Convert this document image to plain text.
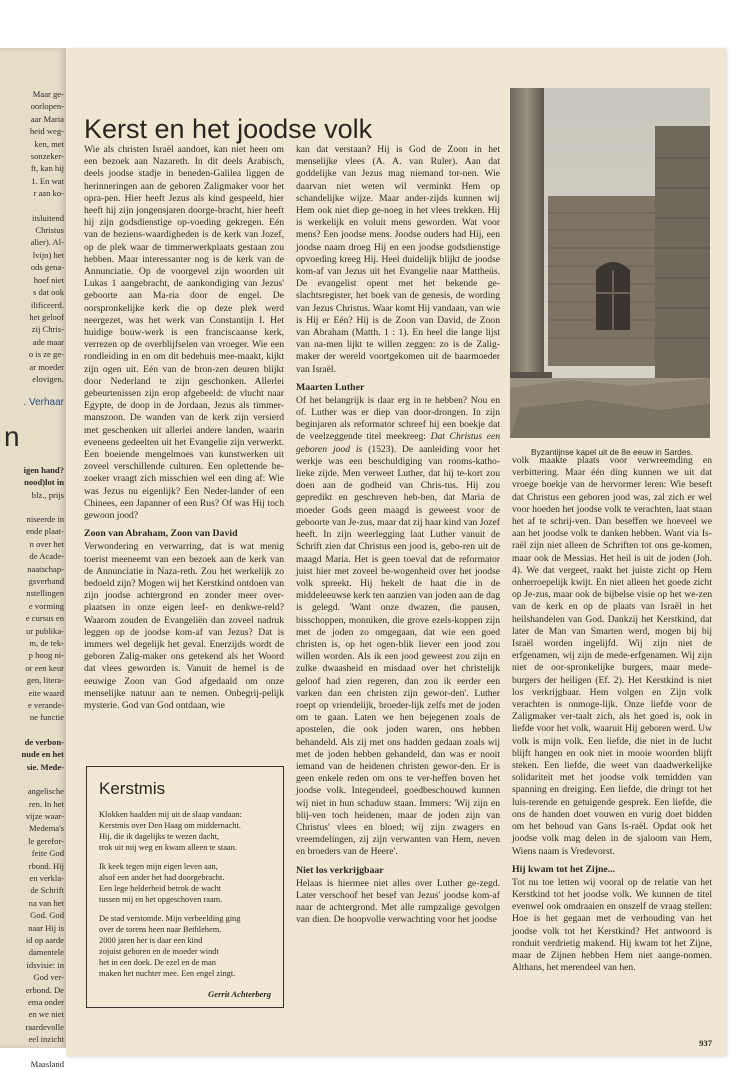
Maar ge-
oorlopen-
aar Maria
heid weg-
ken, met
sonzeker-
ft, kan hij
1. En wat
r aan ko-
itsluitend
Christus
alier). Al-
lvijn) het
ods gena-
hoef niet
s dat ook
ilificeerd.
het geloof
zij Chris-
ade maar
o is ze ge-
ar moeder
elovigen.
. Verhaar
n
igen hand?
nood)lot in
blz., prijs
niseerde in
ende plaat-
n over het
de Acade-
naatschap-
gsverband
nstellingen
e vorming
e cursus en
ur publika-
m, de tek-
p hoog ni-
or een keur
gen, litera-
eite waard
e verande-
ne functie
de verbon-
nude en het
sie. Mede-
angelische
ren. In het
vijze waar-
Medema's
le gerefor-
feite God
rbond. Hij
en verkla-
de Schrift
na van het
God. God
naar Hij is
id op aarde
damentele
idsvisie: in
God ver-
erbond. De
ema onder
en we niet
raardevolle
eel inzicht
Maasland
Byzantijnse kapel uit de 8e eeuw in Sardes.
Kerst en het joodse volk

Wie als christen Israël aandoet, kan niet heen om een bezoek aan Nazareth. In dit deels Arabisch, deels joodse stadje in beneden-Galilea liggen de herinneringen aan de geboren Zaligmaker voor het opra-pen. Hier heeft Jezus als kind gespeeld, hier heeft hij zijn jongensjaren doorge-bracht, hier heeft hij zijn godsdienstige op-voeding gekregen. Eén van de beziens-waardigheden is de kerk van Jozef, op de plek waar de timmerwerkplaats gestaan zou hebben. Maar interessanter nog is de kerk van de Annunciatie. Op de voorgevel zijn woorden uit Lukas 1 aangebracht, de aankondiging van Jezus' geboorte aan Ma-ria door de engel. De oorspronkelijke kerk die op deze plek werd neergezet, was het werk van Constantijn I. Het huidige bouw-werk is een franciscaanse kerk, verrezen op de overblijfselen van vroeger. Wie een rondleiding in en om dit bedehuis mee-maakt, kijkt zijn ogen uit. Eén van de bron-zen deuren blijkt door Nederland te zijn geschonken. Allerlei gebeurtenissen zijn erop afgebeeld: de vlucht naar Egypte, de doop in de Jordaan, Jezus als timmer-manszoon. De wanden van de kerk zijn versierd met geschenken uit allerlei andere landen, waarin eveneens gedeelten uit het Evangelie zijn verwerkt. Een boeiende mengelmoes van kunstwerken uit zoveel verschillende culturen. Een oplettende be-zoeker vraagt zich misschien wel een ding af: Wie was Jezus nu eigenlijk? Een Neder-lander of een Chinees, een Japanner of een Rus? Of was Hij toch gewoon jood?

Zoon van Abraham, Zoon van David

Verwondering en verwarring, dat is wat menig toerist meeneemt van een bezoek aan de kerk van de Annunciatie in Naza-reth. Zou het werkelijk zo bedoeld zijn? Mogen wij het Kerstkind ontdoen van zijn joodse achtergrond en zonder meer over-plaatsen in onze eigen leef- en denkwe-reld? Waarom zouden de Evangeliën dan zoveel nadruk leggen op de joodse kom-af van Jezus? Dat is immers wel degelijk het geval. Enerzijds wordt de geboren Zalig-maker ons getekend als het Woord dat vlees geworden is. Vanuit de hemel is de eeuwige Zoon van God afgedaald om onze menselijke natuur aan te nemen. Onbegrij-pelijk mysterie. God van God ontdaan, wie

kan dat verstaan? Hij is God de Zoon in het menselijke vlees (A. A. van Ruler). Aan dat goddelijke van Jezus mag niemand tor-nen. Wie daarvan niet weten wil verminkt Hem op schandelijke wijze. Maar ander-zijds kunnen wij Hem ook niet diep ge-noeg in het vlees trekken. Hij is werkelijk en voluit mens geworden. Wat voor mens? Een joodse mens. Joodse ouders had Hij, een joodse naam droeg Hij en een joodse godsdienstige opvoeding kreeg Hij. Heel duidelijk blijkt de joodse kom-af van Jezus uit het Evangelie naar Mattheüs. De evangelist opent met het bekende ge-slachtsregister, het boek van de genesis, de wording van Jezus Christus. Waar komt Hij vandaan, van wie is Hij er Eén? Hij is de Zoon van David, de Zoon van Abraham (Matth. 1 : 1). En heel die lange lijst van na-men lijkt te willen zeggen: zo is de Zalig-maker der wereld voortgekomen uit de baarmoeder van Israël.

Maarten Luther

Of het belangrijk is daar erg in te hebben? Nou en of. Luther was er diep van door-drongen. In zijn beginjaren als reformator schreef hij een boekje dat de veelzeggende titel meekreeg: Dat Christus een geboren jood is (1523). De aanleiding voor het werkje was een beschuldiging van rooms-katho-lieke zijde. Men verweet Luther, dat hij te-kort zou doen aan de godheid van Chris-tus. Hij zou gepredikt en geschreven heb-ben, dat Maria de moeder Gods geen maagd is geweest voor de geboorte van Je-zus, maar dat zij haar kind van Jozef heeft. In zijn weerlegging laat Luther vanuit de Schrift zien dat Christus een jood is, gebo-ren uit de maagd Maria. Het is geen toeval dat de reformator juist hier met zoveel be-wogenheid over het joodse volk spreekt. Hij hekelt de haat die in de middeleeuwse kerk ten aanzien van joden aan de dag is gelegd. 'Want onze dwazen, die pausen, bisschoppen, monniken, die grove ezels-koppen zijn met de joden zo omgegaan, dat wie een goed christen is, op het ogen-blik liever een jood zou willen worden. Als ik een jood geweest zou zijn en zulke dwaasheid en misdaad over het christelijk geloof had zien regeren, dan zou ik eerder een varken dan een christen zijn gewor-den'. Luther roept op vriendelijk, broeder-lijk zelfs met de joden om te gaan. Laten we hen bejegenen zoals de apostelen, die ook joden waren, ons hebben behandeld. Als zij met ons hadden gedaan zoals wij met de joden hebben gehandeld, dan was er nooit iemand van de heidenen christen gewor-den. Er is geen enkele reden om ons te ver-heffen boven het joodse volk. Integendeel, goedbeschouwd kunnen wij niet in hun schaduw staan. Immers: 'Wij zijn en blij-ven toch heidenen, maar de joden zijn van Christus' vlees en bloed; wij zijn zwagers en vreemdelingen, zij zijn verwanten van Hem, neven en broeders van de Heere'.

Niet los verkrijgbaar

Helaas is hiermee niet alles over Luther ge-zegd. Later verschoof het besef van Jezus' joodse kom-af naar de achtergrond. Met alle rampzalige gevolgen van dien. De hoopvolle verwachting voor het joodse

volk maakte plaats voor verwreemding en verbittering. Maar één ding kunnen we uit dat vroege boekje van de hervormer leren: Wie beseft dat Christus een geboren jood was, zal zich er wel voor hoeden het joodse volk te verachten, laat staan het af te schrij-ven. Dan beseffen we hoeveel we aan het joodse volk te danken hebben. Want via Is-raël zijn niet alleen de Schriften tot ons ge-komen, maar ook de Messias. Het heil is uit de joden (Joh. 4). We dat vergeet, raakt het juiste zicht op Hem onherroepelijk kwijt. En niet alleen het goede zicht op Je-zus, maar ook de bijbelse visie op het we-zen van de kerk en op de plaats van Israël in het heilshandelen van God. Dankzij het Kerstkind, dat later de Man van Smarten werd, mogen bij bij Israël worden ingelijfd. Wij zijn niet de erfgenamen, wij zijn de mede-erfgenamen. Wij zijn niet de oor-spronkelijke burgers, maar mede-burgers der heiligen (Ef. 2). Het Kerstkind is niet los verkrijgbaar. Hem volgen en Zijn volk verachten is onmoge-lijk. Onze liefde voor de Zaligmaker ver-taalt zich, als het goed is, ook in liefde voor het volk, waaruit Hij geboren werd. Uw volk is mijn volk. Een liefde, die niet in de lucht blijft hangen en ook niet in mooie woorden blijft steken. Een liefde, die weet van daadwerkelijke solidariteit met het joodse volk temidden van spanning en dreiging. Een liefde, die dringt tot het luis-terende en getuigende gesprek. Een liefde, die ons de handen doet vouwen en vurig doet bidden om het behoud van Gans Is-raël. Opdat ook het joodse volk mag delen in de sjaloom van Hem, Wiens naam is Vredevorst.

Hij kwam tot het Zijne...

Tot nu toe letten wij vooral op de relatie van het Kerstkind tot het joodse volk. We kunnen de titel evenwel ook omdraaien en onszelf de vraag stellen: Hoe is het gegaan met de verhouding van het joodse volk tot het Kerstkind? Het antwoord is ronduit verdrietig makend. Hij kwam tot het Zijne, maar de Zijnen hebben Hem niet aange-nomen. Althans, het merendeel van hen.

Kerstmis
Klokken haalden mij uit de slaap vandaan:
Kerstmis over Den Haag om middernacht.
Hij, die ik dagelijks te wezen dacht,
trok uit mij weg en kwam alleen te staan.
Ik keek tegen mijn eigen leven aan,
alsof een ander het had doorgebracht.
Een lege helderheid betrok de wacht
tussen mij en het opgeschoven raam.
De stad verstomde. Mijn verbeelding ging
over de torens heen naar Bethlehem.
2000 jaren her is daar een kind
zojuist geboren en de moeder windt
het in een doek. De ezel en de man
maken het nuchter mee. Een engel zingt.
Gerrit Achterberg
937
